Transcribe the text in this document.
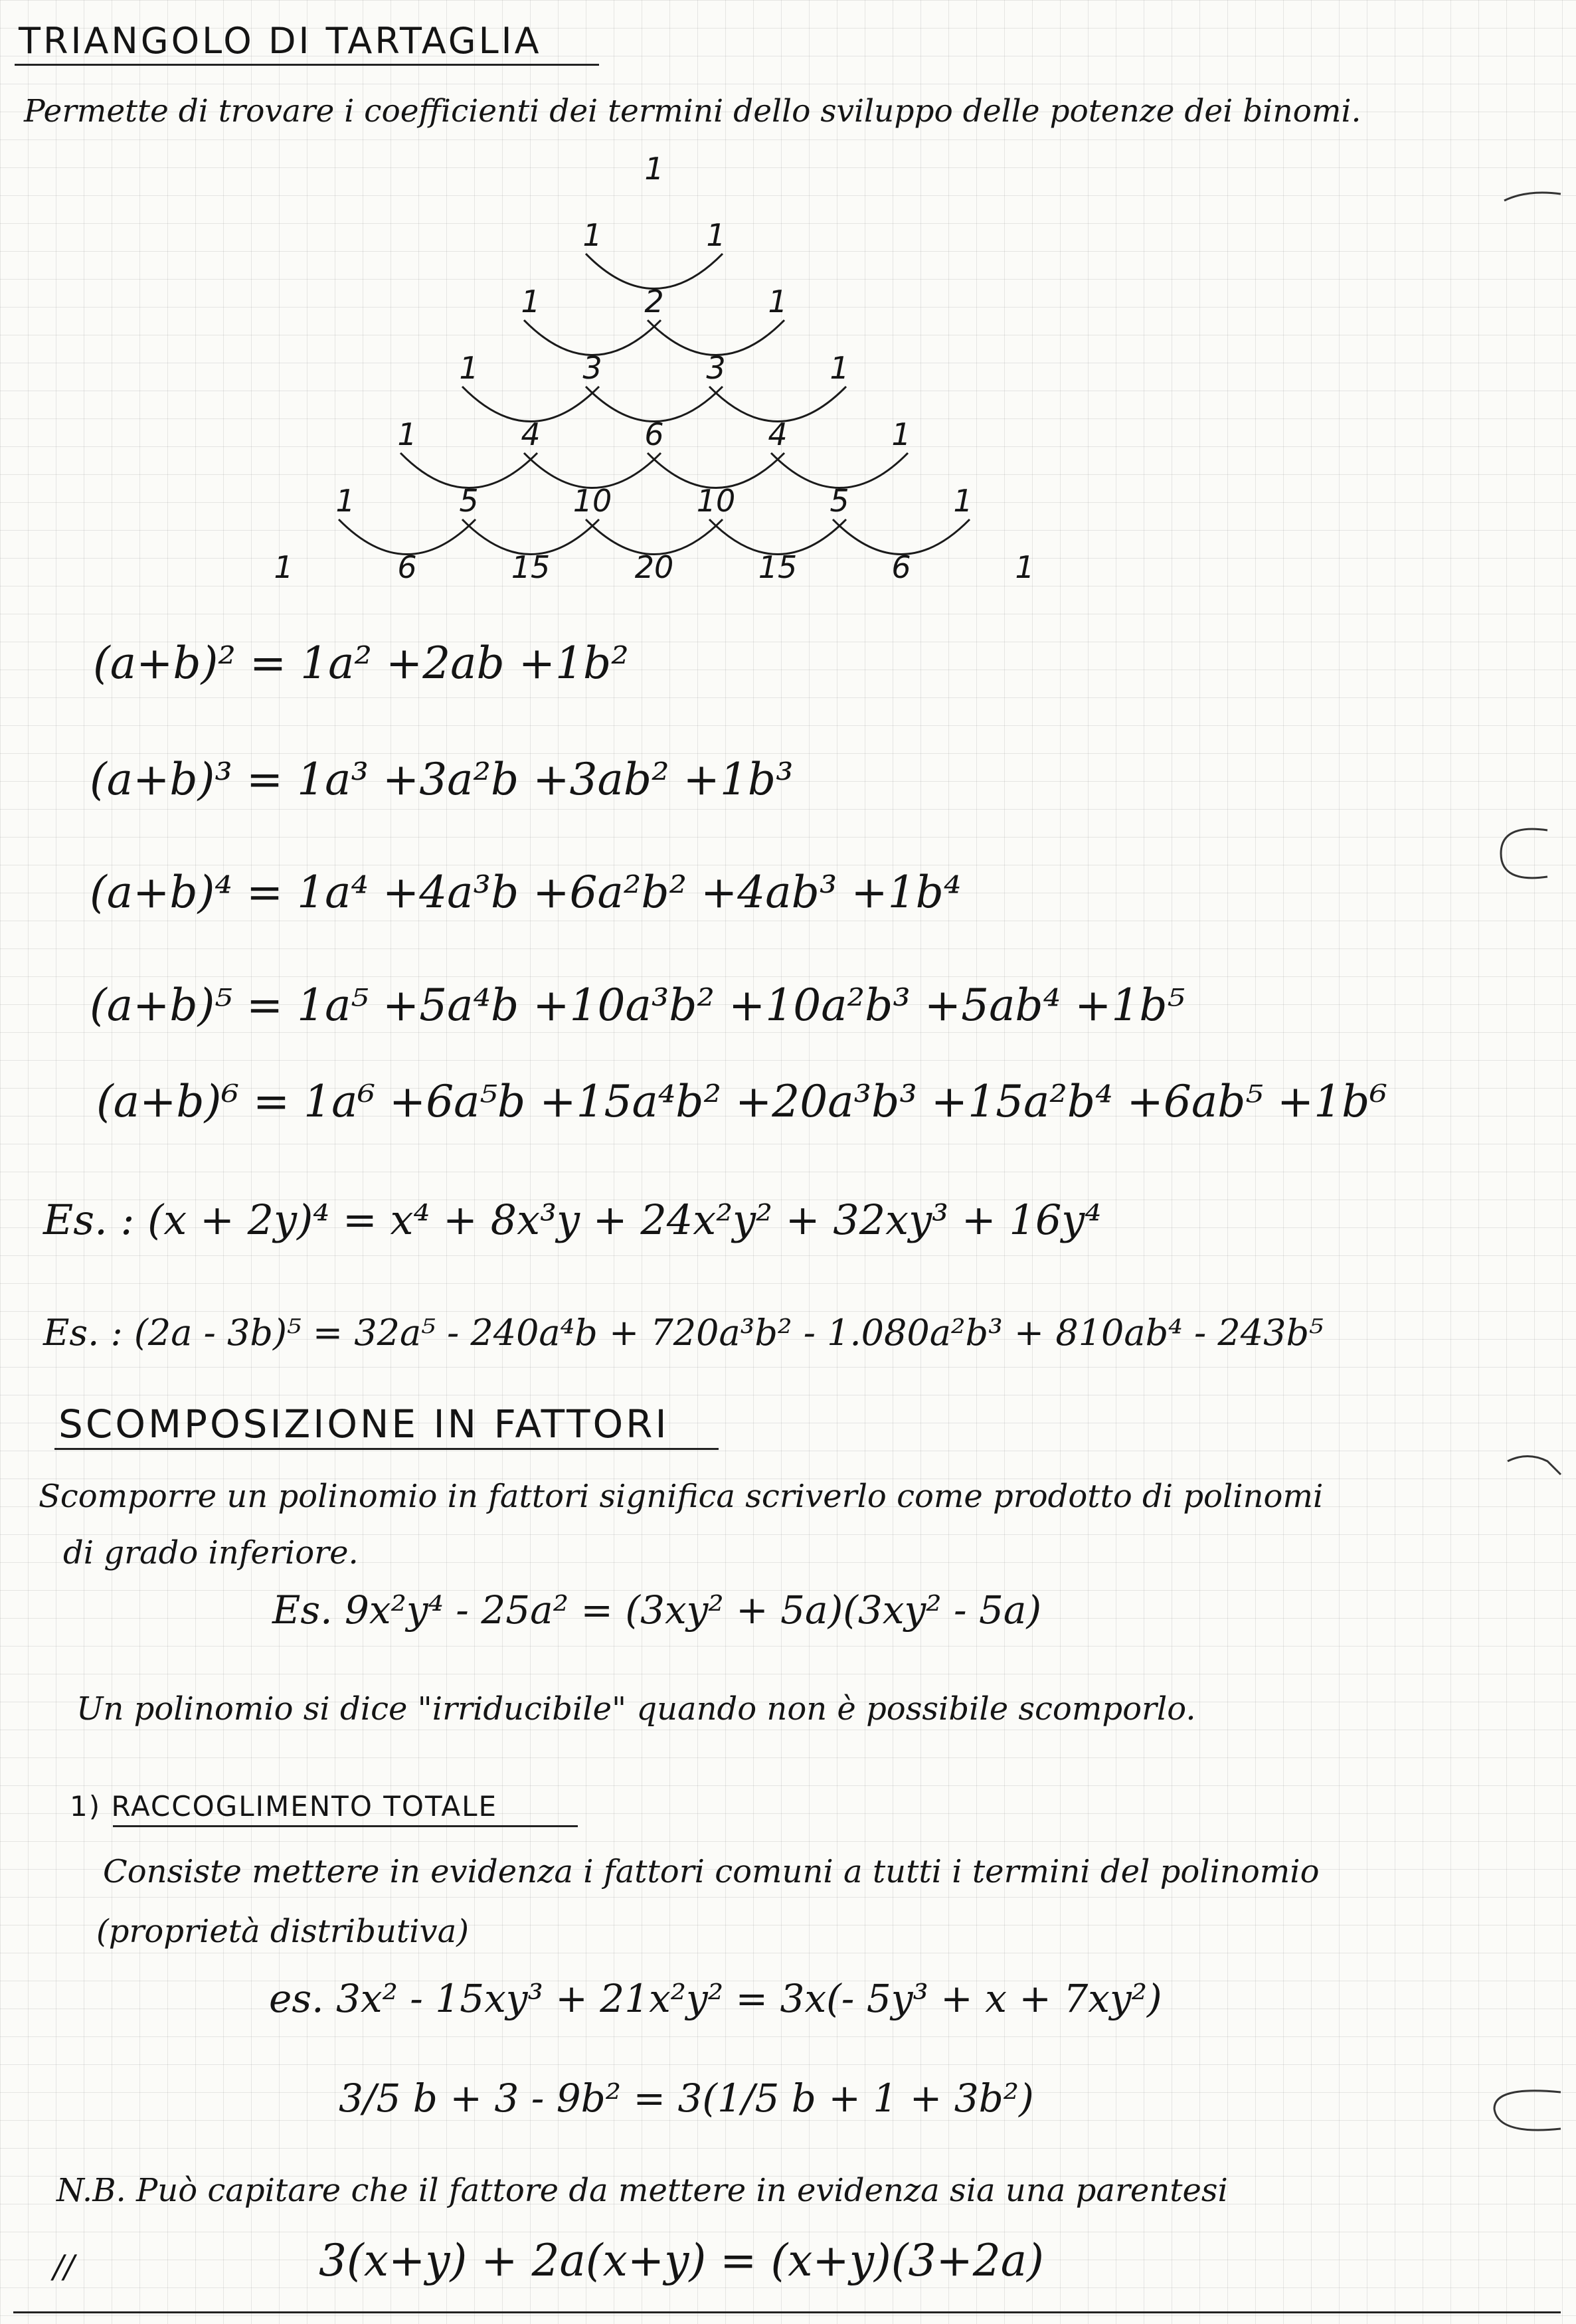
TRIANGOLO DI TARTAGLIA
Permette di trovare i coefficienti dei termini dello sviluppo delle potenze dei binomi.
1
1	1
1	2	1
1	3	3	1
1	4	6	4	1
1	5	10	10	5	1
1	6	15	20	15	6	1
(a+b)² = 1a² +2ab +1b²
(a+b)³ = 1a³ +3a²b +3ab² +1b³
(a+b)⁴ = 1a⁴ +4a³b +6a²b² +4ab³ +1b⁴
(a+b)⁵ = 1a⁵ +5a⁴b +10a³b² +10a²b³ +5ab⁴ +1b⁵
(a+b)⁶ = 1a⁶ +6a⁵b +15a⁴b² +20a³b³ +15a²b⁴ +6ab⁵ +1b⁶
Es. : (x + 2y)⁴ = x⁴ + 8x³y + 24x²y² + 32xy³ + 16y⁴
Es. : (2a - 3b)⁵ = 32a⁵ - 240a⁴b + 720a³b² - 1.080a²b³ + 810ab⁴ - 243b⁵
SCOMPOSIZIONE IN FATTORI
Scomporre un polinomio in fattori significa scriverlo come prodotto di polinomi
di grado inferiore.
Es. 9x²y⁴ - 25a² = (3xy² + 5a)(3xy² - 5a)
Un polinomio si dice "irriducibile" quando non è possibile scomporlo.
1) RACCOGLIMENTO TOTALE
Consiste mettere in evidenza i fattori comuni a tutti i termini del polinomio
(proprietà distributiva)
es. 3x² - 15xy³ + 21x²y² = 3x(- 5y³ + x + 7xy²)
3/5 b + 3 - 9b² = 3(1/5 b + 1 + 3b²)
N.B. Può capitare che il fattore da mettere in evidenza sia una parentesi
//	3(x+y) + 2a(x+y) = (x+y)(3+2a)
